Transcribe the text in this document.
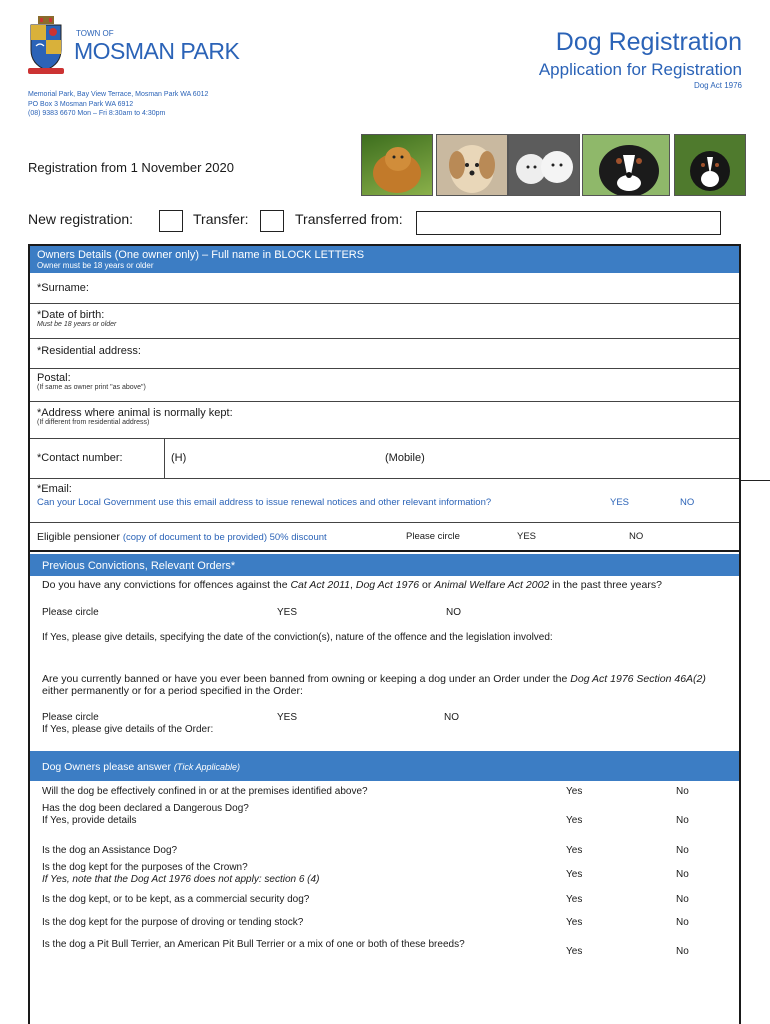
TOWN OF
MOSMAN PARK
Memorial Park, Bay View Terrace, Mosman Park WA 6012
PO Box 3 Mosman Park WA 6912
(08) 9383 6670 Mon – Fri 8:30am to 4:30pm
Dog Registration
Application for Registration
Dog Act 1976
Registration from 1 November 2020
New registration:	Transfer:	Transferred from:
Owners Details (One owner only) – Full name in BLOCK LETTERS
Owner must be 18 years or older
*Surname:
*Date of birth:
Must be 18 years or older
*Residential address:
Postal:
(If same as owner print "as above")
*Address where animal is normally kept:
(If different from residential address)
*Contact number:	(H)	(Mobile)
*Email:
Can your Local Government use this email address to issue renewal notices and other relevant information?	YES	NO
Eligible pensioner (copy of document to be provided) 50% discount	Please circle	YES	NO
Previous Convictions, Relevant Orders*
Do you have any convictions for offences against the Cat Act 2011, Dog Act 1976 or Animal Welfare Act 2002 in the past three years?
Please circle	YES	NO
If Yes, please give details, specifying the date of the conviction(s), nature of the offence and the legislation involved:
Are you currently banned or have you ever been banned from owning or keeping a dog under an Order under the Dog Act 1976 Section 46A(2) either permanently or for a period specified in the Order:
Please circle	YES	NO
If Yes, please give details of the Order:
Dog Owners please answer (Tick Applicable)
Will the dog be effectively confined in or at the premises identified above?	Yes	No
Has the dog been declared a Dangerous Dog?
If Yes, provide details	Yes	No
Is the dog an Assistance Dog?	Yes	No
Is the dog kept for the purposes of the Crown?
If Yes, note that the Dog Act 1976 does not apply: section 6 (4)	Yes	No
Is the dog kept, or to be kept, as a commercial security dog?	Yes	No
Is the dog kept for the purpose of droving or tending stock?	Yes	No
Is the dog a Pit Bull Terrier, an American Pit Bull Terrier or a mix of one or both of these breeds?
Yes	No
